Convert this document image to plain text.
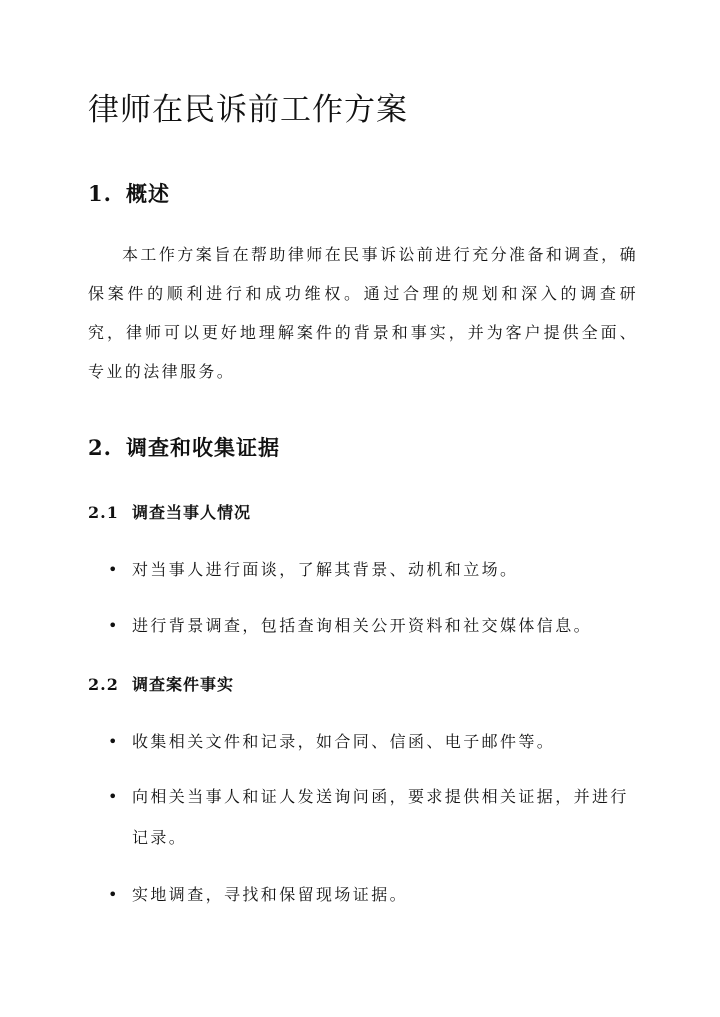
律师在民诉前工作方案
1. 概述

本工作方案旨在帮助律师在民事诉讼前进行充分准备和调查，确保案件的顺利进行和成功维权。通过合理的规划和深入的调查研究，律师可以更好地理解案件的背景和事实，并为客户提供全面、专业的法律服务。

2. 调查和收集证据
2.1 调查当事人情况
• 对当事人进行面谈，了解其背景、动机和立场。
• 进行背景调查，包括查询相关公开资料和社交媒体信息。
2.2 调查案件事实
• 收集相关文件和记录，如合同、信函、电子邮件等。
• 向相关当事人和证人发送询问函，要求提供相关证据，并进行记录。
• 实地调查，寻找和保留现场证据。
